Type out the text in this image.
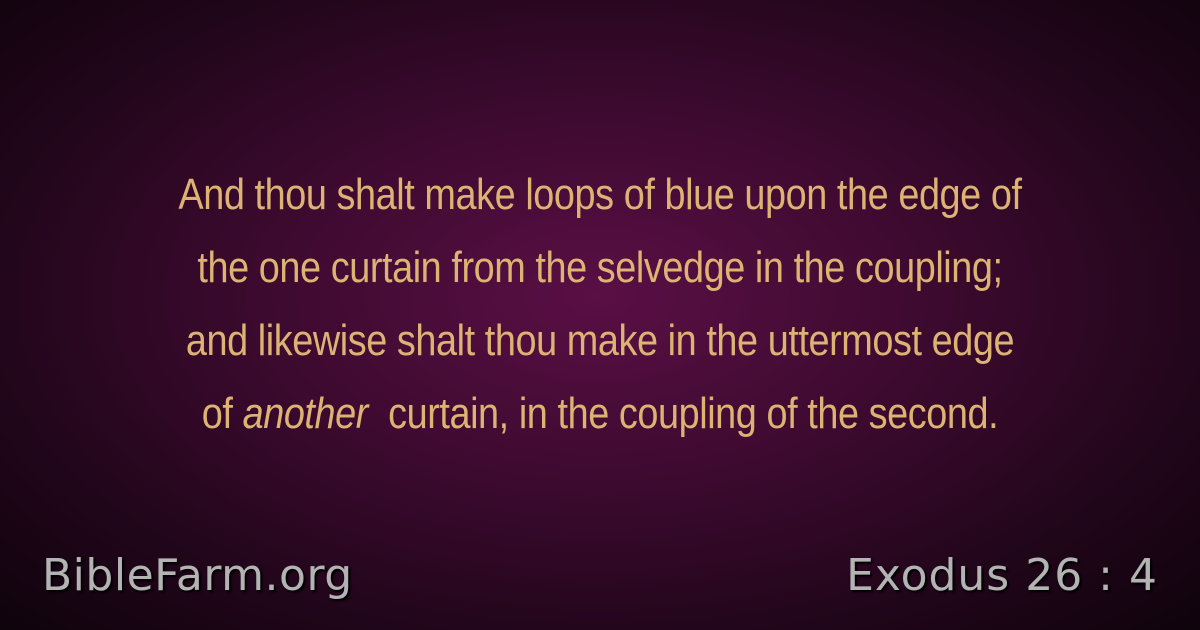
And thou shalt make loops of blue upon the edge of
the one curtain from the selvedge in the coupling;
and likewise shalt thou make in the uttermost edge
of another curtain, in the coupling of the second.
BibleFarm.org	Exodus 26 : 4
